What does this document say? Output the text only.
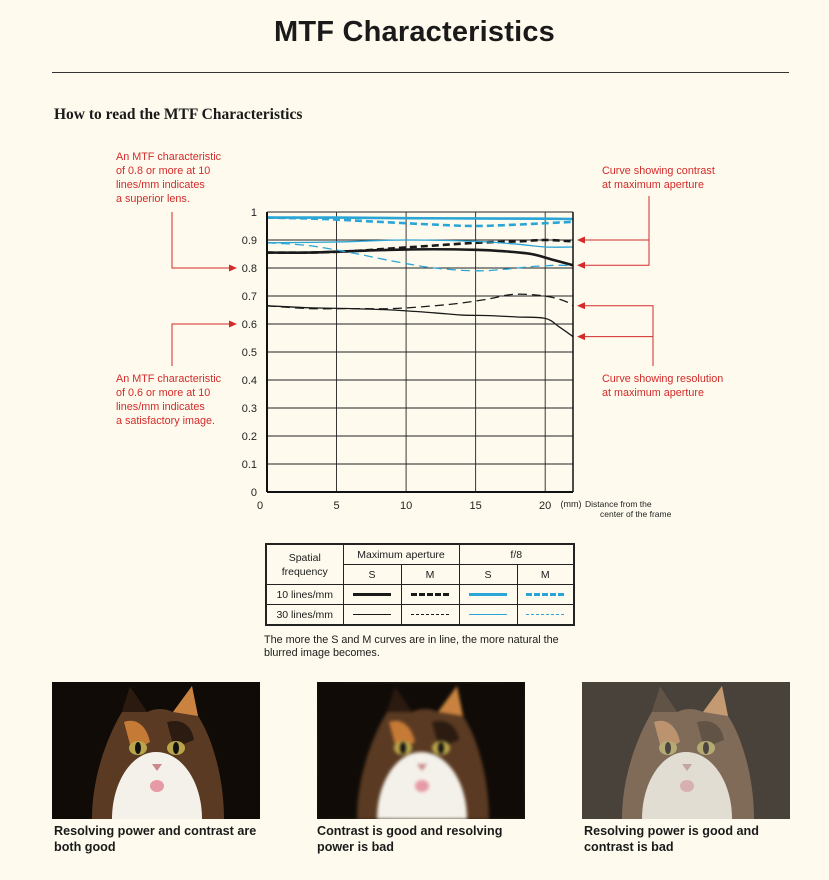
MTF Characteristics
How to read the MTF Characteristics
An MTF characteristic
of 0.8 or more at 10
lines/mm indicates
a superior lens.
An MTF characteristic
of 0.6 or more at 10
lines/mm indicates
a satisfactory image.
Curve showing contrast
at maximum aperture
Curve showing resolution
at maximum aperture
0
0.1
0.2
0.3
0.4
0.5
0.6
0.7
0.8
0.9
1
0	5	10	15	20 (mm) Distance from the center of the frame
Spatial
frequency	Maximum aperture		f/8	
	S	M	S	M
10 lines/mm				
30 lines/mm				
The more the S and M curves are in line, the more natural the blurred image becomes.
Resolving power and contrast are both good
Contrast is good and resolving power is bad
Resolving power is good and contrast is bad
